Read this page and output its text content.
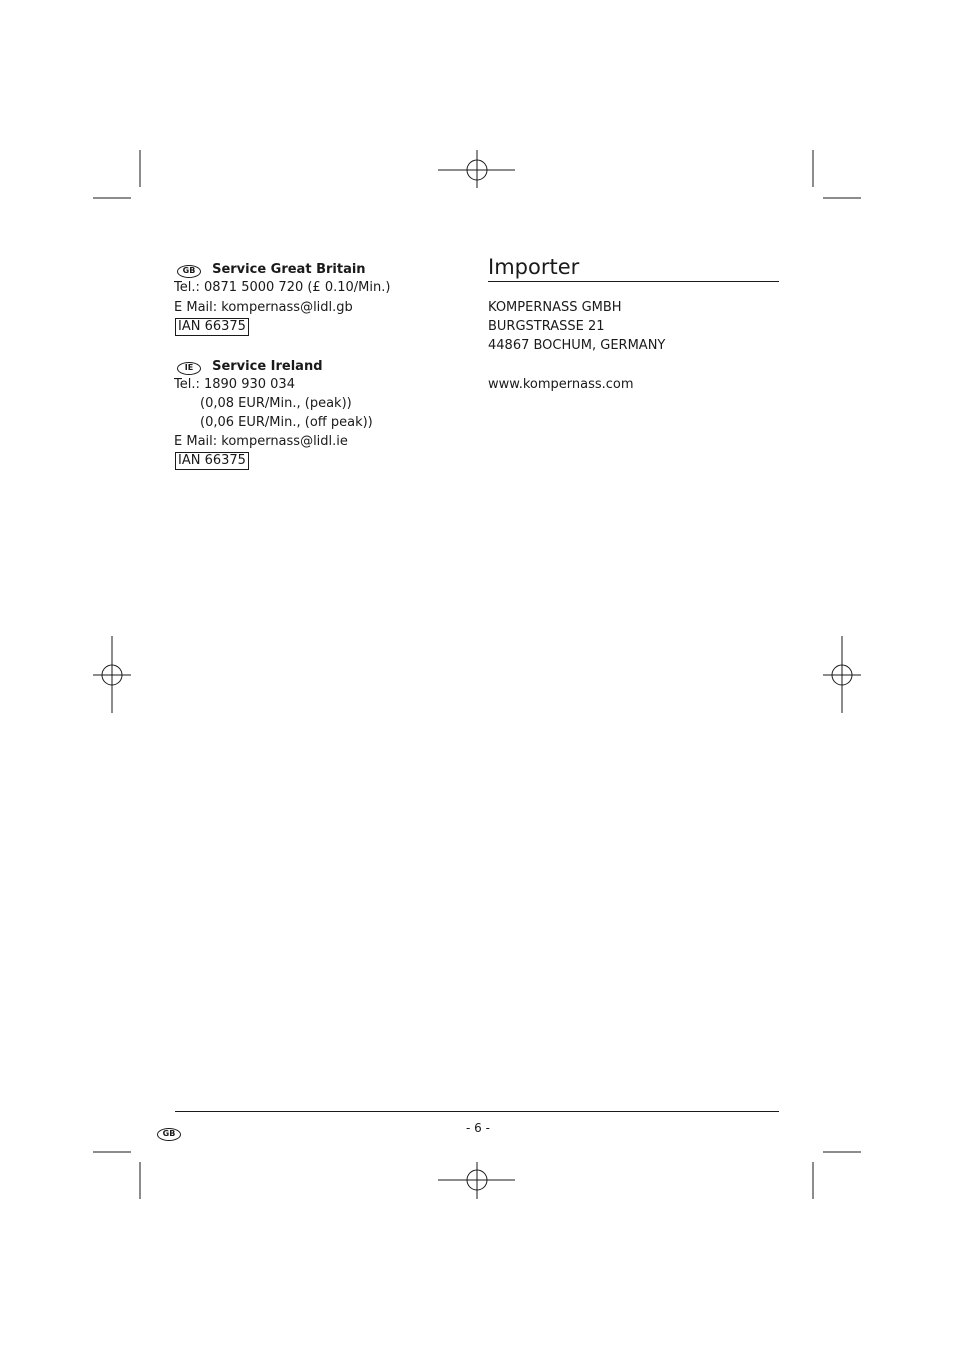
GB Service Great Britain
Tel.: 0871 5000 720 (£ 0.10/Min.)
E Mail: kompernass@lidl.gb
IAN 66375
IE Service Ireland
Tel.: 1890 930 034
(0,08 EUR/Min., (peak))
(0,06 EUR/Min., (off peak))
E Mail: kompernass@lidl.ie
IAN 66375
Importer
KOMPERNASS GMBH
BURGSTRASSE 21
44867 BOCHUM, GERMANY
www.kompernass.com
GB	- 6 -
